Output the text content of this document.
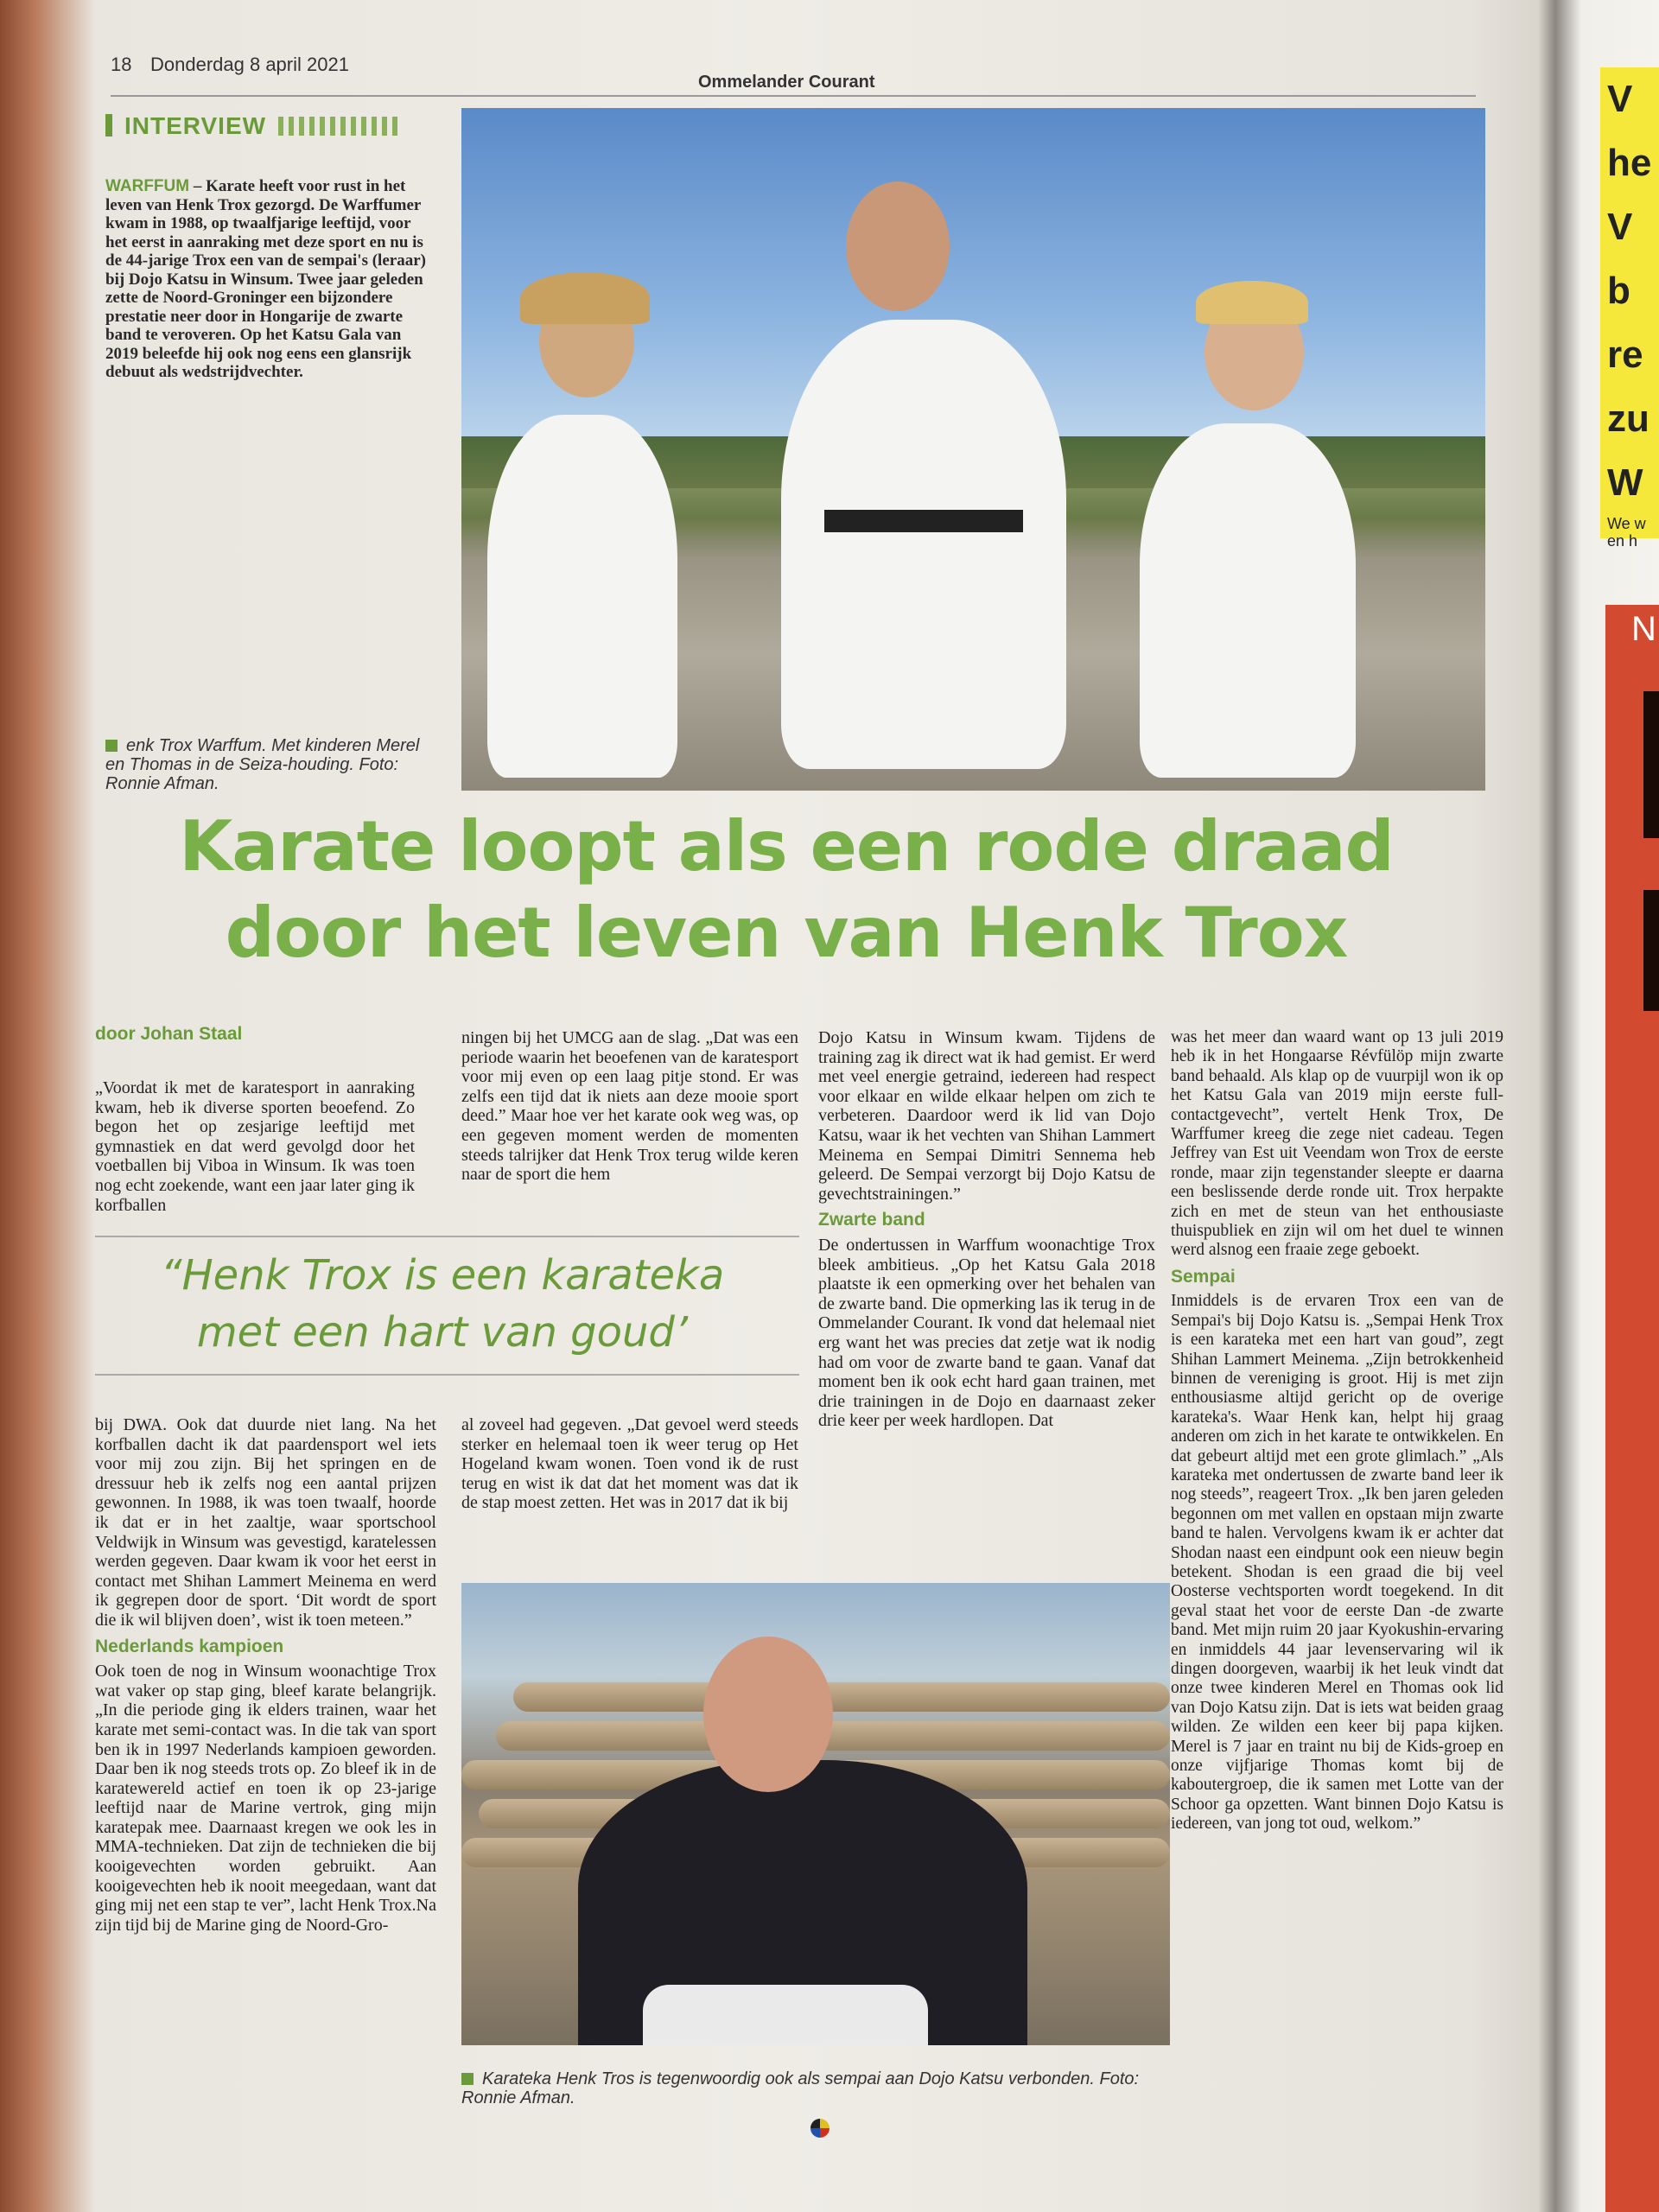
18 Donderdag 8 april 2021
Ommelander Courant
INTERVIEW
WARFFUM – Karate heeft voor rust in het leven van Henk Trox gezorgd. De Warffumer kwam in 1988, op twaalfjarige leeftijd, voor het eerst in aanraking met deze sport en nu is de 44-jarige Trox een van de sempai's (leraar) bij Dojo Katsu in Winsum. Twee jaar geleden zette de Noord-Groninger een bijzondere prestatie neer door in Hongarije de zwarte band te veroveren. Op het Katsu Gala van 2019 beleefde hij ook nog eens een glansrijk debuut als wedstrijdvechter.
enk Trox Warffum. Met kinderen Merel en Thomas in de Seiza-houding. Foto: Ronnie Afman.
Karate loopt als een rode draad
door het leven van Henk Trox
door Johan Staal

„Voordat ik met de karatesport in aanraking kwam, heb ik diverse sporten beoefend. Zo begon het op zesjarige leeftijd met gymnastiek en dat werd gevolgd door het voetballen bij Viboa in Winsum. Ik was toen nog echt zoekende, want een jaar later ging ik korfballen

ningen bij het UMCG aan de slag. „Dat was een periode waarin het beoefenen van de karatesport voor mij even op een laag pitje stond. Er was zelfs een tijd dat ik niets aan deze mooie sport deed.” Maar hoe ver het karate ook weg was, op een gegeven moment werden de momenten steeds talrijker dat Henk Trox terug wilde keren naar de sport die hem

“Henk Trox is een karateka
met een hart van goud’

bij DWA. Ook dat duurde niet lang. Na het korfballen dacht ik dat paardensport wel iets voor mij zou zijn. Bij het springen en de dressuur heb ik zelfs nog een aantal prijzen gewonnen. In 1988, ik was toen twaalf, hoorde ik dat er in het zaaltje, waar sportschool Veldwijk in Winsum was gevestigd, karatelessen werden gegeven. Daar kwam ik voor het eerst in contact met Shihan Lammert Meinema en werd ik gegrepen door de sport. ‘Dit wordt de sport die ik wil blijven doen’, wist ik toen meteen.”

Nederlands kampioen

Ook toen de nog in Winsum woonachtige Trox wat vaker op stap ging, bleef karate belangrijk. „In die periode ging ik elders trainen, waar het karate met semi-contact was. In die tak van sport ben ik in 1997 Nederlands kampioen geworden. Daar ben ik nog steeds trots op. Zo bleef ik in de karatewereld actief en toen ik op 23-jarige leeftijd naar de Marine vertrok, ging mijn karatepak mee. Daarnaast kregen we ook les in MMA-technieken. Dat zijn de technieken die bij kooigevechten worden gebruikt. Aan kooigevechten heb ik nooit meegedaan, want dat ging mij net een stap te ver”, lacht Henk Trox.Na zijn tijd bij de Marine ging de Noord-Gro-

al zoveel had gegeven. „Dat gevoel werd steeds sterker en helemaal toen ik weer terug op Het Hogeland kwam wonen. Toen vond ik de rust terug en wist ik dat dat het moment was dat ik de stap moest zetten. Het was in 2017 dat ik bij

Dojo Katsu in Winsum kwam. Tijdens de training zag ik direct wat ik had gemist. Er werd met veel energie getraind, iedereen had respect voor elkaar en wilde elkaar helpen om zich te verbeteren. Daardoor werd ik lid van Dojo Katsu, waar ik het vechten van Shihan Lammert Meinema en Sempai Dimitri Sennema heb geleerd. De Sempai verzorgt bij Dojo Katsu de gevechtstrainingen.”

Zwarte band

De ondertussen in Warffum woonachtige Trox bleek ambitieus. „Op het Katsu Gala 2018 plaatste ik een opmerking over het behalen van de zwarte band. Die opmerking las ik terug in de Ommelander Courant. Ik vond dat helemaal niet erg want het was precies dat zetje wat ik nodig had om voor de zwarte band te gaan. Vanaf dat moment ben ik ook echt hard gaan trainen, met drie trainingen in de Dojo en daarnaast zeker drie keer per week hardlopen. Dat

was het meer dan waard want op 13 juli 2019 heb ik in het Hongaarse Révfülöp mijn zwarte band behaald. Als klap op de vuurpijl won ik op het Katsu Gala van 2019 mijn eerste full-contactgevecht”, vertelt Henk Trox, De Warffumer kreeg die zege niet cadeau. Tegen Jeffrey van Est uit Veendam won Trox de eerste ronde, maar zijn tegenstander sleepte er daarna een beslissende derde ronde uit. Trox herpakte zich en met de steun van het enthousiaste thuispubliek en zijn wil om het duel te winnen werd alsnog een fraaie zege geboekt.

Sempai

Inmiddels is de ervaren Trox een van de Sempai's bij Dojo Katsu is. „Sempai Henk Trox is een karateka met een hart van goud”, zegt Shihan Lammert Meinema. „Zijn betrokkenheid binnen de vereniging is groot. Hij is met zijn enthousiasme altijd gericht op de overige karateka's. Waar Henk kan, helpt hij graag anderen om zich in het karate te ontwikkelen. En dat gebeurt altijd met een grote glimlach.” „Als karateka met ondertussen de zwarte band leer ik nog steeds”, reageert Trox. „Ik ben jaren geleden begonnen om met vallen en opstaan mijn zwarte band te halen. Vervolgens kwam ik er achter dat Shodan naast een eindpunt ook een nieuw begin betekent. Shodan is een graad die bij veel Oosterse vechtsporten wordt toegekend. In dit geval staat het voor de eerste Dan -de zwarte band. Met mijn ruim 20 jaar Kyokushin-ervaring en inmiddels 44 jaar levenservaring wil ik dingen doorgeven, waarbij ik het leuk vindt dat onze twee kinderen Merel en Thomas ook lid van Dojo Katsu zijn. Dat is iets wat beiden graag wilden. Ze wilden een keer bij papa kijken. Merel is 7 jaar en traint nu bij de Kids-groep en onze vijfjarige Thomas komt bij de kaboutergroep, die ik samen met Lotte van der Schoor ga opzetten. Want binnen Dojo Katsu is iedereen, van jong tot oud, welkom.”

Karateka Henk Tros is tegenwoordig ook als sempai aan Dojo Katsu verbonden. Foto: Ronnie Afman.
V
he
V
b
re
zu
W
We w en h
N
